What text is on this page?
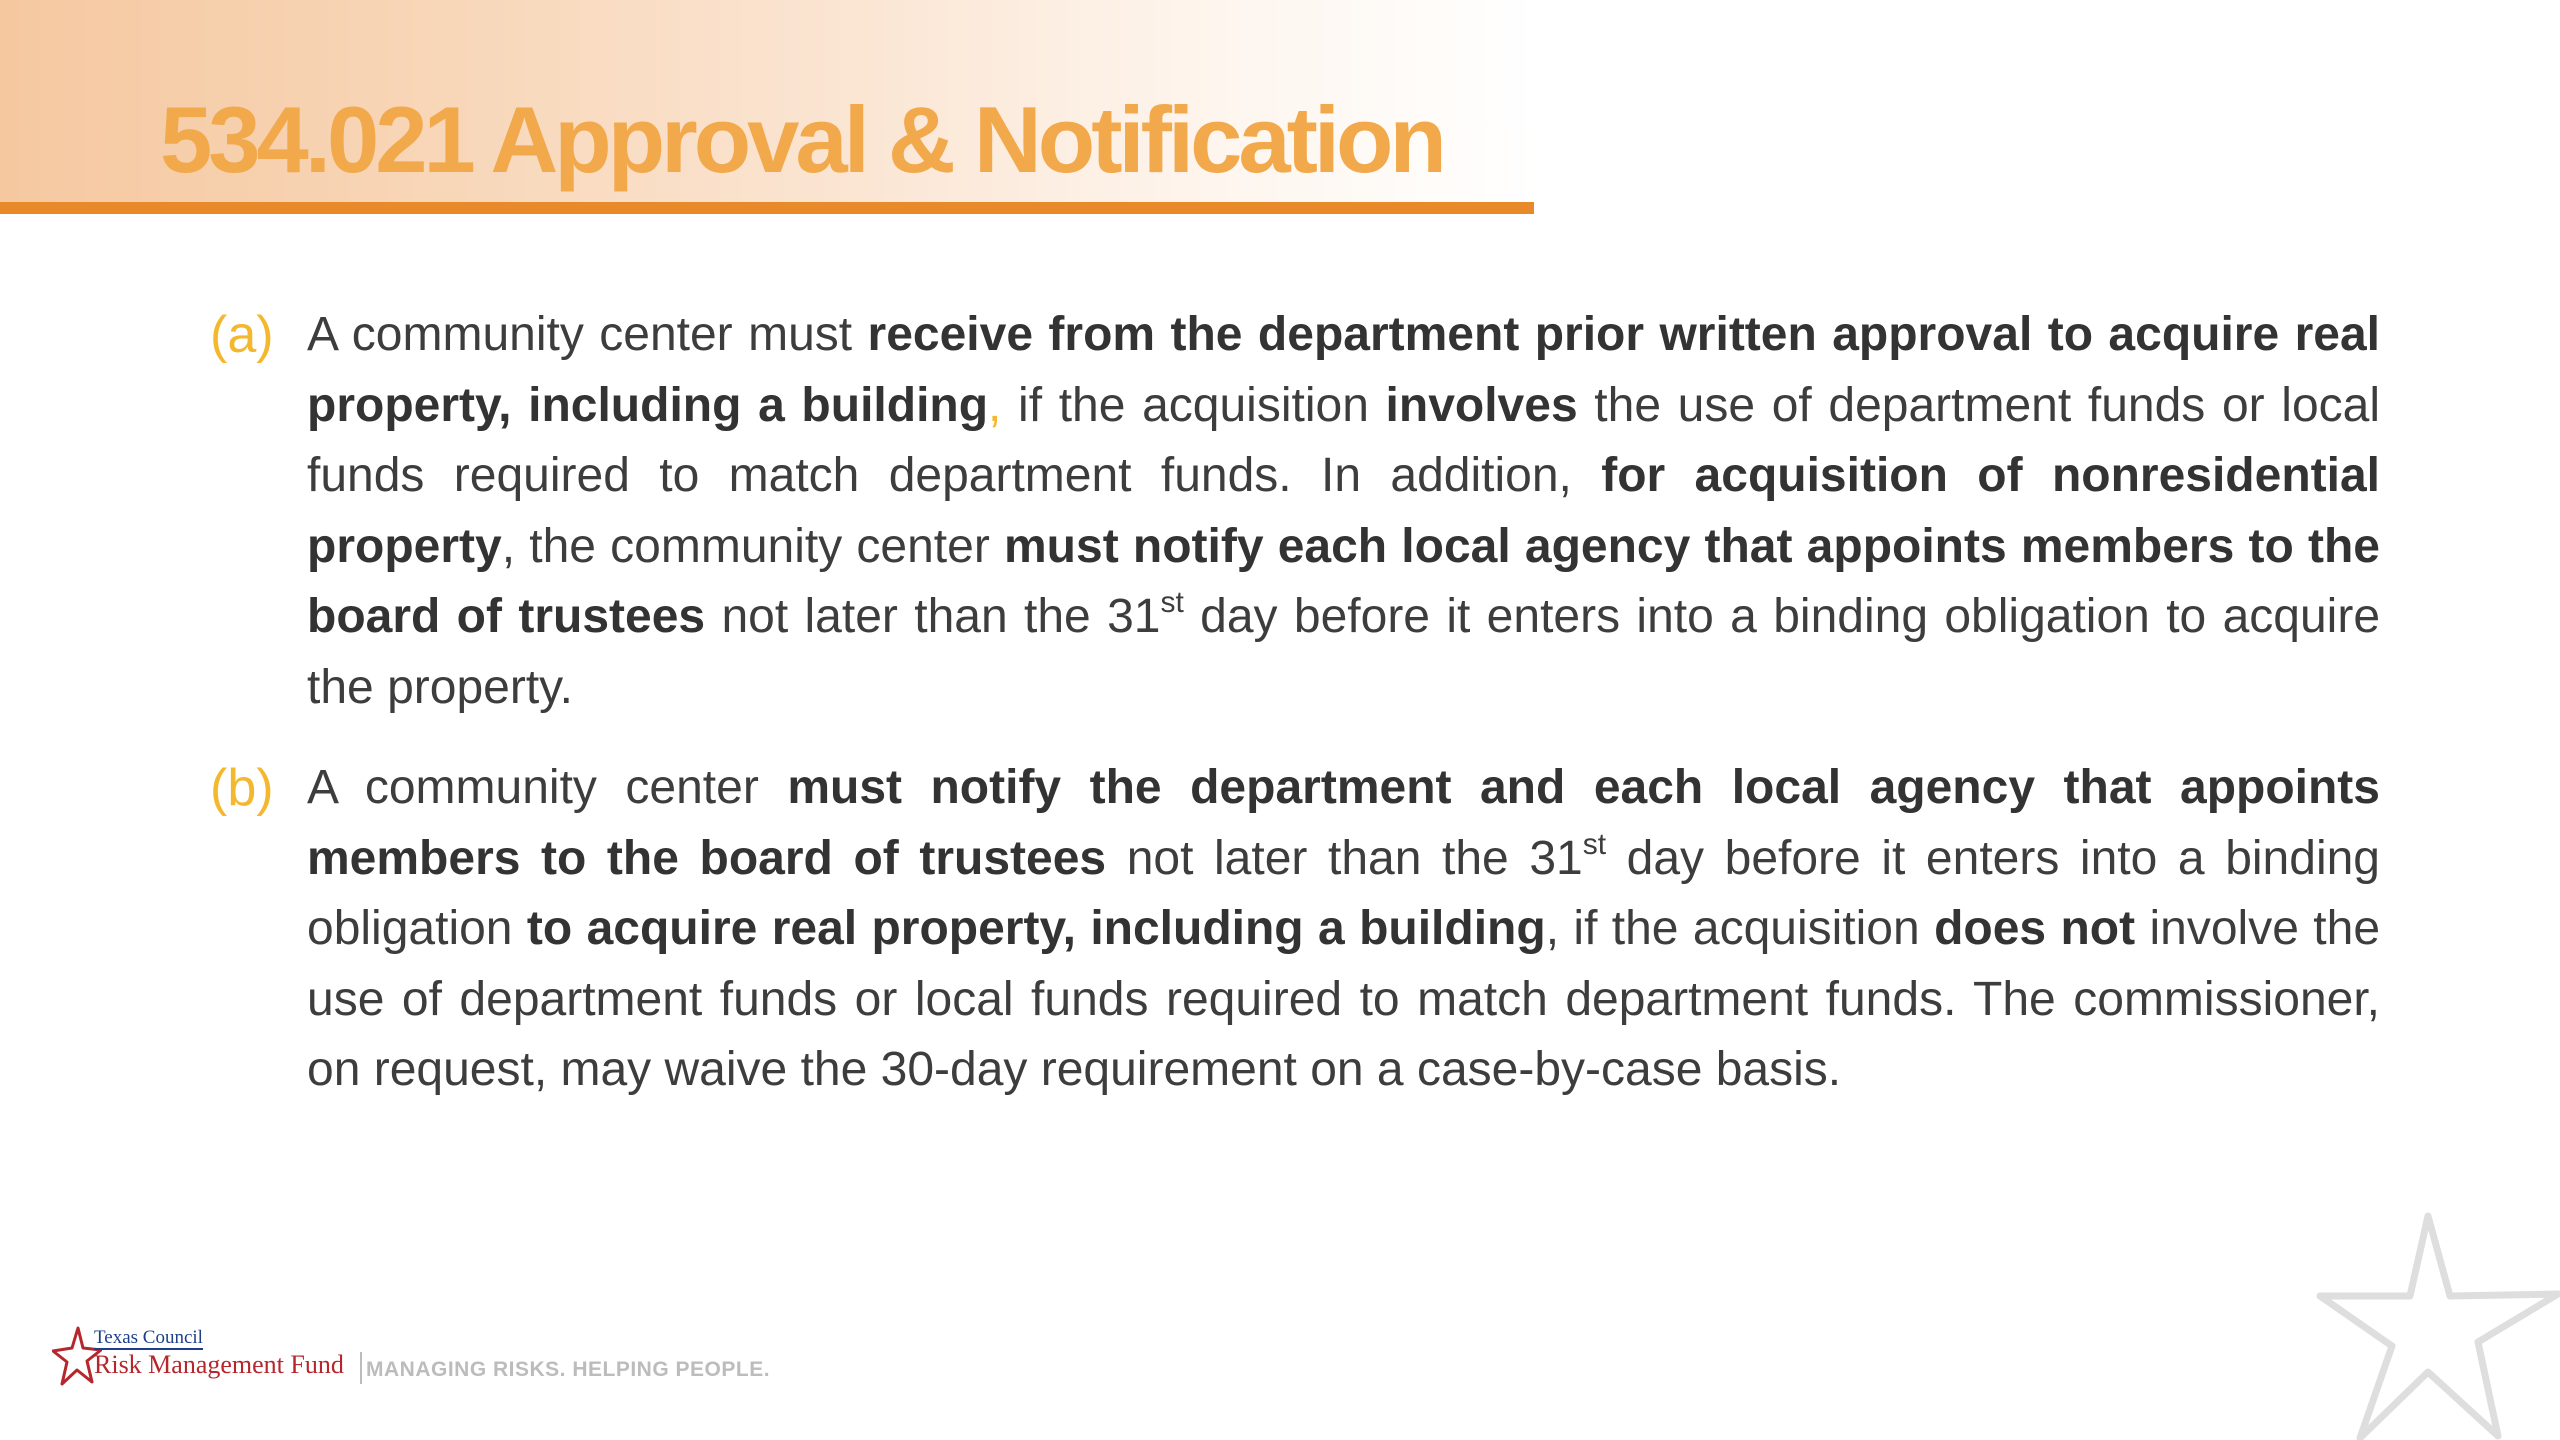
534.021 Approval & Notification
(a) A community center must receive from the department prior written approval to acquire real property, including a building, if the acquisition involves the use of department funds or local funds required to match department funds. In addition, for acquisition of nonresidential property, the community center must notify each local agency that appoints members to the board of trustees not later than the 31st day before it enters into a binding obligation to acquire the property.

(b) A community center must notify the department and each local agency that appoints members to the board of trustees not later than the 31st day before it enters into a binding obligation to acquire real property, including a building, if the acquisition does not involve the use of department funds or local funds required to match department funds. The commissioner, on request, may waive the 30-day requirement on a case-by-case basis.

Texas Council
Risk Management Fund MANAGING RISKS. HELPING PEOPLE.
